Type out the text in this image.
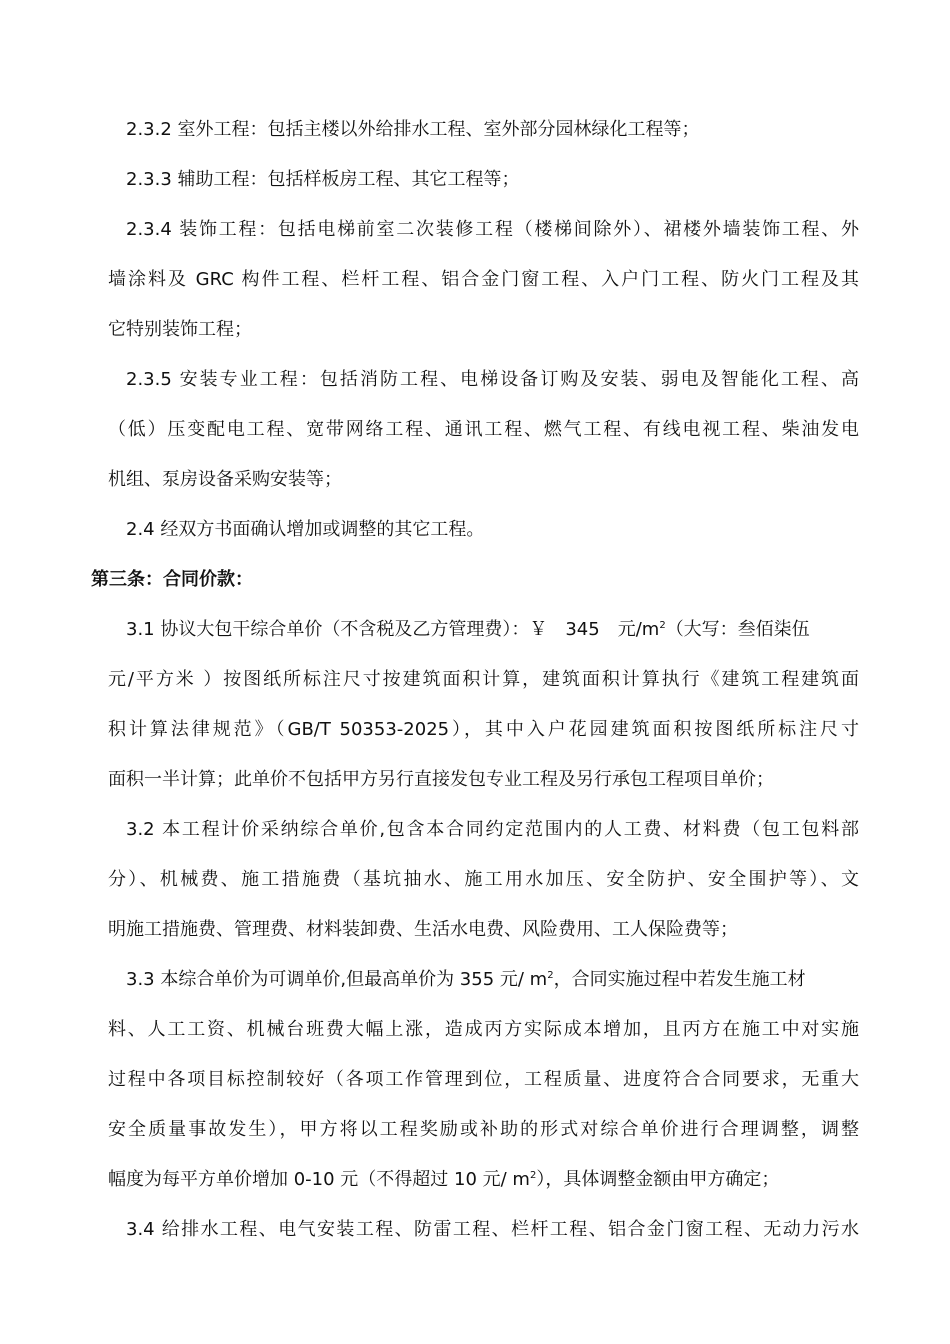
2.3.2 室外工程：包括主楼以外给排水工程、室外部分园林绿化工程等；
2.3.3 辅助工程：包括样板房工程、其它工程等；
2.3.4 装饰工程：包括电梯前室二次装修工程（楼梯间除外）、裙楼外墙装饰工程、外
墙涂料及 GRC 构件工程、栏杆工程、铝合金门窗工程、入户门工程、防火门工程及其
它特别装饰工程；
2.3.5 安装专业工程：包括消防工程、电梯设备订购及安装、弱电及智能化工程、高
（低）压变配电工程、宽带网络工程、通讯工程、燃气工程、有线电视工程、柴油发电
机组、泵房设备采购安装等；
2.4 经双方书面确认增加或调整的其它工程。
第三条：合同价款：
3.1 协议大包干综合单价（不含税及乙方管理费）：￥　345　元$/m^2$（大写：叁佰柒伍
元/平方米 ）按图纸所标注尺寸按建筑面积计算，建筑面积计算执行《建筑工程建筑面
积计算法律规范》（GB/T 50353-2025），其中入户花园建筑面积按图纸所标注尺寸
面积一半计算；此单价不包括甲方另行直接发包专业工程及另行承包工程项目单价；
3.2 本工程计价采纳综合单价,包含本合同约定范围内的人工费、材料费（包工包料部
分）、机械费、施工措施费（基坑抽水、施工用水加压、安全防护、安全围护等）、文
明施工措施费、管理费、材料装卸费、生活水电费、风险费用、工人保险费等；
3.3 本综合单价为可调单价,但最高单价为 355 元/ $m^2$，合同实施过程中若发生施工材
料、人工工资、机械台班费大幅上涨，造成丙方实际成本增加，且丙方在施工中对实施
过程中各项目标控制较好（各项工作管理到位，工程质量、进度符合合同要求，无重大
安全质量事故发生），甲方将以工程奖励或补助的形式对综合单价进行合理调整，调整
幅度为每平方单价增加 0-10 元（不得超过 10 元/ $m^2$），具体调整金额由甲方确定；
3.4 给排水工程、电气安装工程、防雷工程、栏杆工程、铝合金门窗工程、无动力污水
